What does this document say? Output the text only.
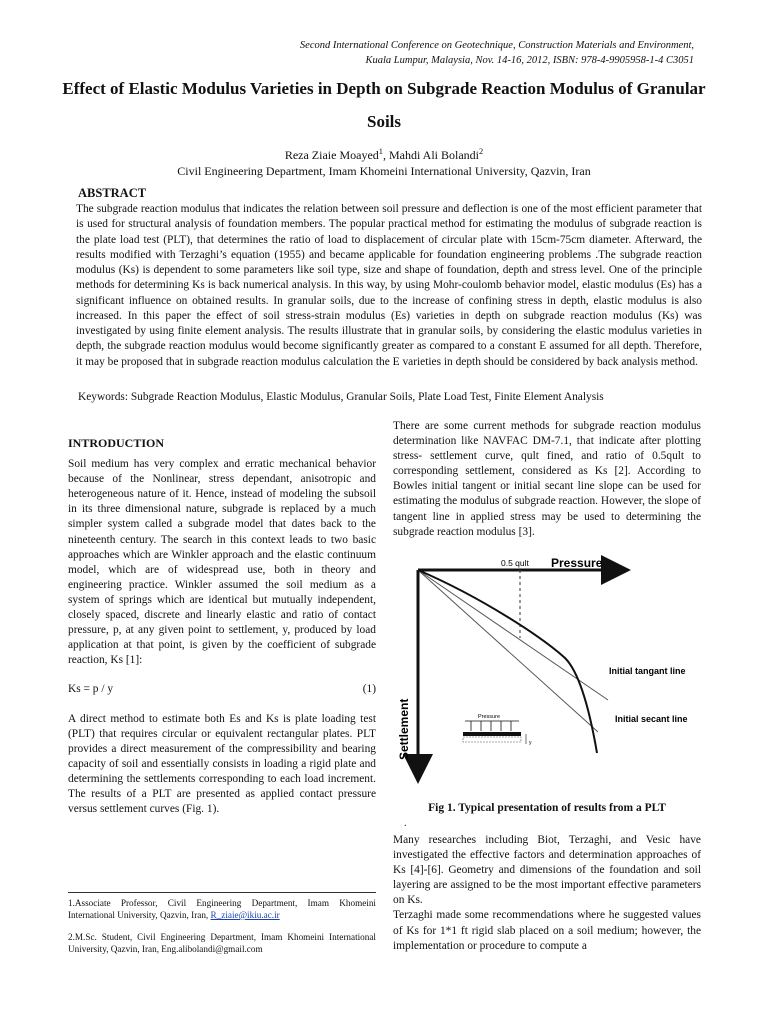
Second International Conference on Geotechnique, Construction Materials and Environment,
Kuala Lumpur, Malaysia, Nov. 14-16, 2012, ISBN: 978-4-9905958-1-4 C3051
Effect of Elastic Modulus Varieties in Depth on Subgrade Reaction Modulus of Granular Soils
Reza Ziaie Moayed$^1$, Mahdi Ali Bolandi$^2$
Civil Engineering Department, Imam Khomeini International University, Qazvin, Iran
ABSTRACT

The subgrade reaction modulus that indicates the relation between soil pressure and deflection is one of the most efficient parameter that is used for structural analysis of foundation members. The popular practical method for estimating the modulus of subgrade reaction is the plate load test (PLT), that determines the ratio of load to displacement of circular plate with 15cm-75cm diameter. Afterward, the results modified with Terzaghi’s equation (1955) and became applicable for foundation engineering problems .The subgrade reaction modulus (Ks) is dependent to some parameters like soil type, size and shape of foundation, depth and stress level. One of the principle methods for determining Ks is back numerical analysis. In this way, by using Mohr-coulomb behavior model, elastic modulus (Es) has a significant influence on obtained results. In granular soils, due to the increase of confining stress in depth, elastic modulus is also increased. In this paper the effect of soil stress-strain modulus (Es) varieties in depth on subgrade reaction modulus (Ks) was investigated by using finite element analysis. The results illustrate that in granular soils, by considering the elastic modulus varieties in depth, the subgrade reaction modulus would become significantly greater as compared to a constant E assumed for all depth. Therefore, it may be proposed that in subgrade reaction modulus calculation the E varieties in depth should be considered by back analysis method.

Keywords: Subgrade Reaction Modulus, Elastic Modulus, Granular Soils, Plate Load Test, Finite Element Analysis
INTRODUCTION

Soil medium has very complex and erratic mechanical behavior because of the Nonlinear, stress dependant, anisotropic and heterogeneous nature of it. Hence, instead of modeling the subsoil in its three dimensional nature, subgrade is replaced by a much simpler system called a subgrade model that dates back to the nineteenth century. The search in this context leads to two basic approaches which are Winkler approach and the elastic continuum model, which are of widespread use, both in theory and engineering practice. Winkler assumed the soil medium as a system of springs which are identical but mutually independent, closely spaced, discrete and linearly elastic and ratio of contact pressure, p, at any given point to settlement, y, produced by load application at that point, is given by the coefficient of subgrade reaction, Ks [1]:

Ks = p / y	(1)

A direct method to estimate both Es and Ks is plate loading test (PLT) that requires circular or equivalent rectangular plates. PLT provides a direct measurement of the compressibility and bearing capacity of soil and essentially consists in loading a rigid plate and determining the settlements corresponding to each load increment. The results of a PLT are presented as applied contact pressure versus settlement curves (Fig. 1).

1.Associate Professor, Civil Engineering Department, Imam Khomeini International University, Qazvin, Iran, R_ziaie@ikiu.ac.ir
2.M.Sc. Student, Civil Engineering Department, Imam Khomeini International University, Qazvin, Iran, Eng.alibolandi@gmail.com

There are some current methods for subgrade reaction modulus determination like NAVFAC DM-7.1, that indicate after plotting stress- settlement curve, qult fined, and ratio of 0.5qult to corresponding settlement, considered as Ks [2]. According to Bowles initial tangent or initial secant line slope can be used for estimating the modulus of subgrade reaction. However, the slope of tangent line in applied stress may be used to determining the subgrade reaction modulus [3].

0.5 qult Pressure
Settlement
Initial tangant line
Initial secant line
Pressure
y
Fig 1. Typical presentation of results from a PLT
.

Many researches including Biot, Terzaghi, and Vesic have investigated the effective factors and determination approaches of Ks [4]-[6]. Geometry and dimensions of the foundation and soil layering are assigned to be the most important effective parameters on Ks.

Terzaghi made some recommendations where he suggested values of Ks for 1*1 ft rigid slab placed on a soil medium; however, the implementation or procedure to compute a
